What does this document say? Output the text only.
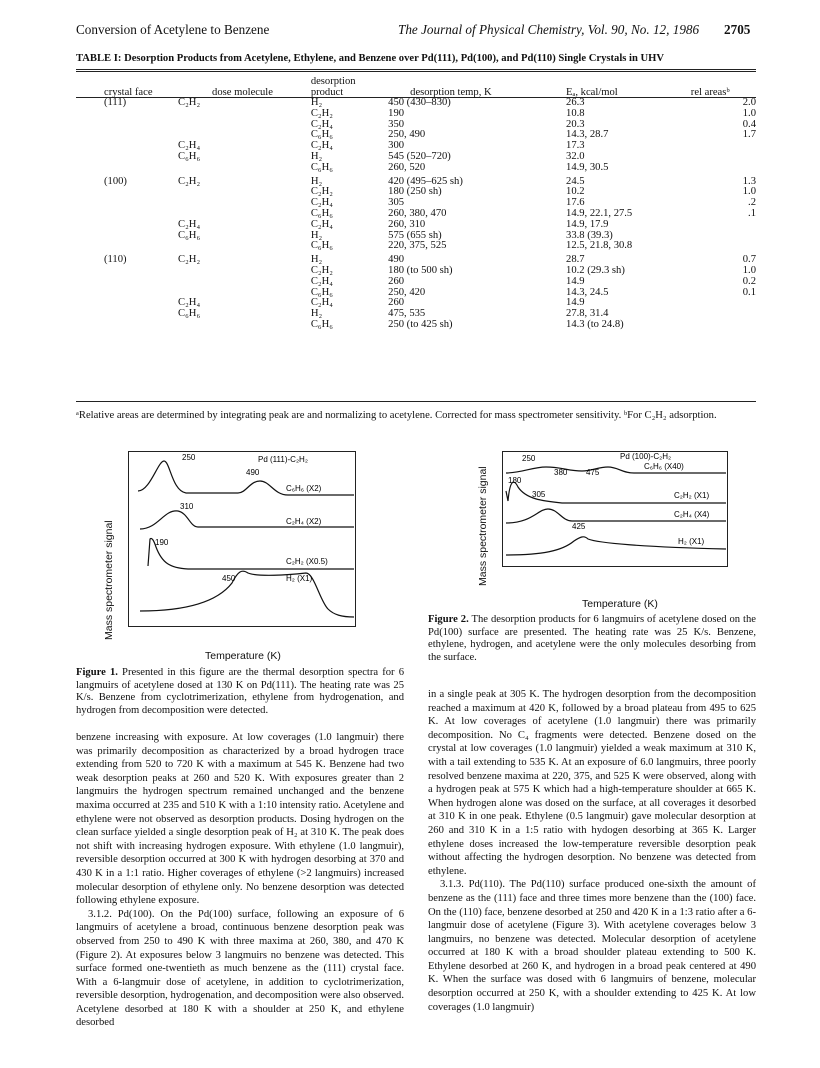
Conversion of Acetylene to Benzene	The Journal of Physical Chemistry, Vol. 90, No. 12, 1986 2705
TABLE I: Desorption Products from Acetylene, Ethylene, and Benzene over Pd(111), Pd(100), and Pd(110) Single Crystals in UHV
crystal face	dose molecule	desorption product	desorption temp, K	Eₐ, kcal/mol	rel areasᵇ
(111)	C₂H₂	H₂	450 (430–830)	26.3	2.0
		C₂H₂	190	10.8	1.0
		C₂H₄	350	20.3	0.4
		C₆H₆	250, 490	14.3, 28.7	1.7
	C₂H₄	C₂H₄	300	17.3	
	C₆H₆	H₂	545 (520–720)	32.0	
		C₆H₆	260, 520	14.9, 30.5	
(100)	C₂H₂	H₂	420 (495–625 sh)	24.5	1.3
		C₂H₂	180 (250 sh)	10.2	1.0
		C₂H₄	305	17.6	.2
		C₆H₆	260, 380, 470	14.9, 22.1, 27.5	.1
	C₂H₄	C₂H₄	260, 310	14.9, 17.9	
	C₆H₆	H₂	575 (655 sh)	33.8 (39.3)	
		C₆H₆	220, 375, 525	12.5, 21.8, 30.8	
(110)	C₂H₂	H₂	490	28.7	0.7
		C₂H₂	180 (to 500 sh)	10.2 (29.3 sh)	1.0
		C₂H₄	260	14.9	0.2
		C₆H₆	250, 420	14.3, 24.5	0.1
	C₂H₄	C₂H₄	260	14.9	
	C₆H₆	H₂	475, 535	27.8, 31.4	
		C₆H₆	250 (to 425 sh)	14.3 (to 24.8)	
ᵃRelative areas are determined by integrating peak are and normalizing to acetylene. Corrected for mass spectrometer sensitivity. ᵇFor C₂H₂ adsorption.
250
490
310
190
450
Pd (111)-C₂H₂
C₆H₆ (X2)
C₂H₄ (X2)
C₂H₂ (X0.5)
H₂ (X1)
Mass spectrometer signal
Temperature (K)
Figure 1. Presented in this figure are the thermal desorption spectra for 6 langmuirs of acetylene dosed at 130 K on Pd(111). The heating rate was 25 K/s. Benzene from cyclotrimerization, ethylene from hydrogenation, and hydrogen from decomposition were detected.
250
380 475
180
305
425
Pd (100)-C₂H₂
C₆H₆ (X40)
C₂H₂ (X1)
C₂H₄ (X4)
H₂ (X1)
Mass spectrometer signal
Temperature (K)
Figure 2. The desorption products for 6 langmuirs of acetylene dosed on the Pd(100) surface are presented. The heating rate was 25 K/s. Benzene, ethylene, hydrogen, and acetylene were the only molecules desorbing from the surface.

benzene increasing with exposure. At low coverages (1.0 langmuir) there was primarily decomposition as characterized by a broad hydrogen trace extending from 520 to 720 K with a maximum at 545 K. Benzene had two weak desorption peaks at 260 and 520 K. With exposures greater than 2 langmuirs the hydrogen spectrum remained unchanged and the benzene maxima occurred at 235 and 510 K with a 1:10 intensity ratio. Acetylene and ethylene were not observed as desorption products. Dosing hydrogen on the clean surface yielded a single desorption peak of H₂ at 310 K. The peak does not shift with increasing hydrogen exposure. With ethylene (1.0 langmuir), reversible desorption occurred at 300 K with hydrogen desorbing at 370 and 430 K in a 1:1 ratio. Higher coverages of ethylene (>2 langmuirs) increased molecular desorption of ethylene only. No benzene desorption was detected following ethylene exposure.

3.1.2. Pd(100). On the Pd(100) surface, following an exposure of 6 langmuirs of acetylene a broad, continuous benzene desorption peak was observed from 250 to 490 K with three maxima at 260, 380, and 470 K (Figure 2). At exposures below 3 langmuirs no benzene was detected. This surface formed one-twentieth as much benzene as the (111) crystal face. With a 6-langmuir dose of acetylene, in addition to cyclotrimerization, reversible desorption, hydrogenation, and decomposition were also observed. Acetylene desorbed at 180 K with a shoulder at 250 K, and ethylene desorbed

in a single peak at 305 K. The hydrogen desorption from the decomposition reached a maximum at 420 K, followed by a broad plateau from 495 to 625 K. At low coverages of acetylene (1.0 langmuir) there was primarily decomposition. No C₄ fragments were detected. Benzene dosed on the crystal at low coverages (1.0 langmuir) yielded a weak maximum at 310 K, with a tail extending to 535 K. At an exposure of 6.0 langmuirs, three poorly resolved benzene maxima at 220, 375, and 525 K were observed, along with a hydrogen peak at 575 K which had a high-temperature shoulder at 665 K. When hydrogen alone was dosed on the surface, at all coverages it desorbed at 310 K in one peak. Ethylene (0.5 langmuir) gave molecular desorption at 260 and 310 K in a 1:5 ratio with hydogen desorbing at 365 K. Larger ethylene doses increased the low-temperature reversible desorption peak without affecting the hydrogen desorption. No benzene was detected from ethylene.

3.1.3. Pd(110). The Pd(110) surface produced one-sixth the amount of benzene as the (111) face and three times more benzene than the (100) face. On the (110) face, benzene desorbed at 250 and 420 K in a 1:3 ratio after a 6-langmuir dose of acetylene (Figure 3). With acetylene coverages below 3 langmuirs, no benzene was detected. Molecular desorption of acetylene occurred at 180 K with a broad shoulder plateau extending to 500 K. Ethylene desorbed at 260 K, and hydrogen in a broad peak centered at 490 K. When the surface was dosed with 6 langmuirs of benzene, molecular desorption occurred at 250 K, with a shoulder extending to 425 K. At low coverages (1.0 langmuir)
